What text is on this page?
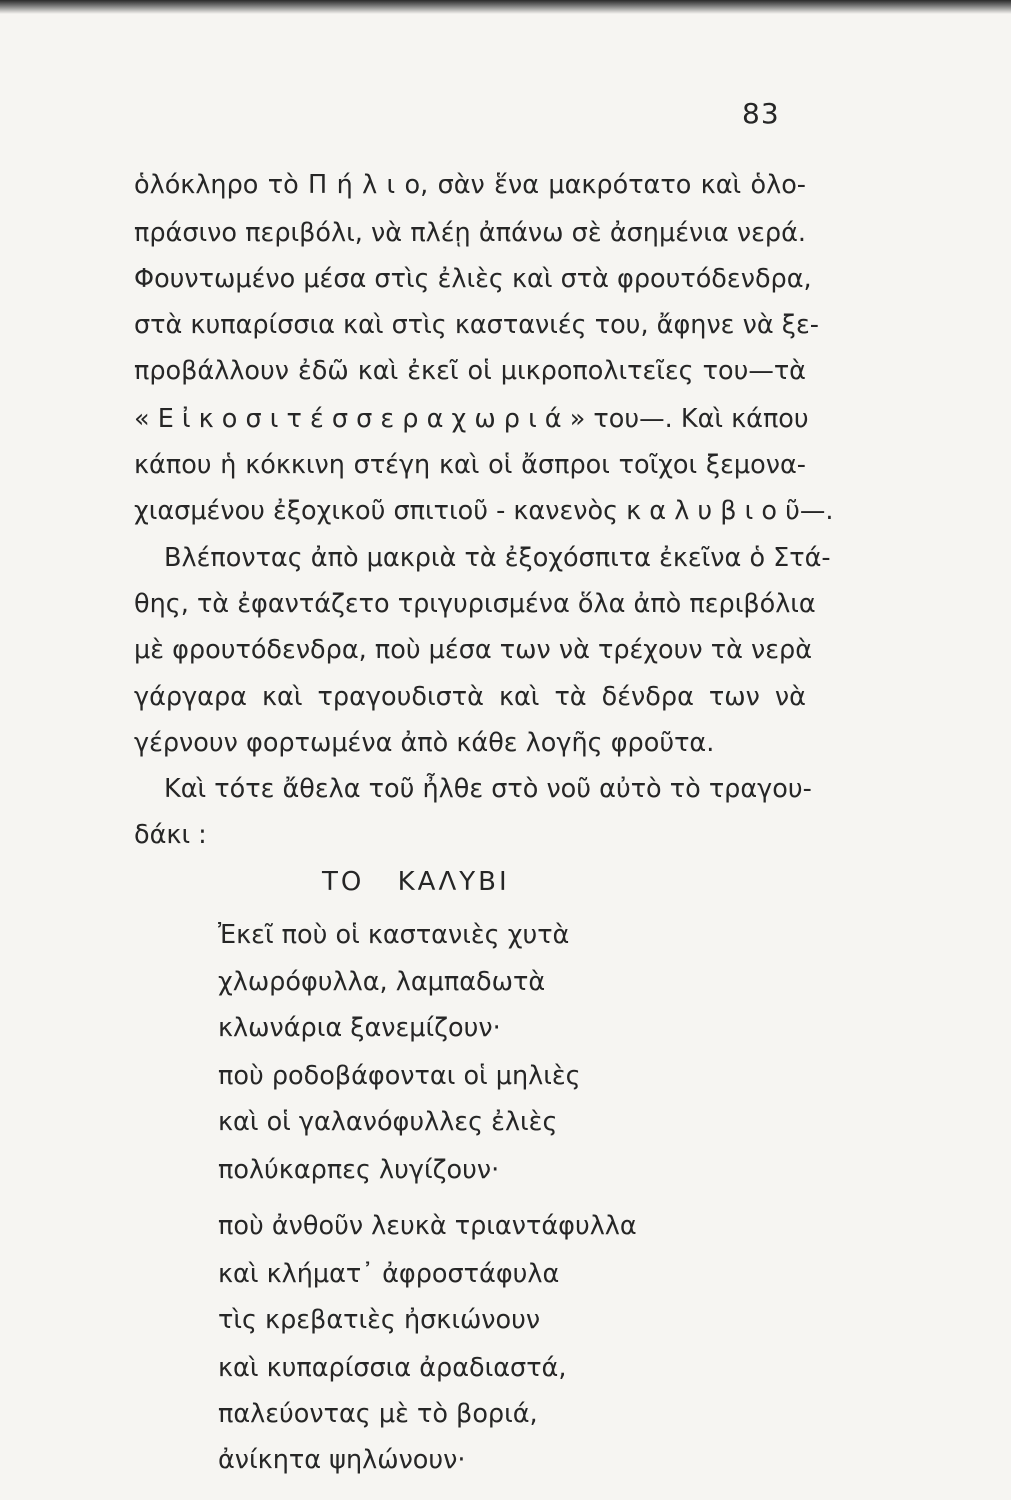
83
ὁλόκληρο τὸ Π ή λ ι ο, σὰν ἕνα μακρότατο καὶ ὁλο-
πράσινο περιβόλι, νὰ πλέῃ ἀπάνω σὲ ἀσημένια νερά.
Φουντωμένο μέσα στὶς ἐλιὲς καὶ στὰ φρουτόδενδρα,
στὰ κυπαρίσσια καὶ στὶς καστανιές του, ἄφηνε νὰ ξε-
προβάλλουν ἐδῶ καὶ ἐκεῖ οἱ μικροπολιτεῖες του—τὰ
« Ε ἰ κ ο σ ι τ έ σ σ ε ρ α χ ω ρ ι ά » του—. Καὶ κάπου
κάπου ἡ κόκκινη στέγη καὶ οἱ ἄσπροι τοῖχοι ξεμονα-
χιασμένου ἐξοχικοῦ σπιτιοῦ - κανενὸς κ α λ υ β ι ο ῦ—.
Βλέποντας ἀπὸ μακριὰ τὰ ἐξοχόσπιτα ἐκεῖνα ὁ Στά-
θης, τὰ ἐφαντάζετο τριγυρισμένα ὅλα ἀπὸ περιβόλια
μὲ φρουτόδενδρα, ποὺ μέσα των νὰ τρέχουν τὰ νερὰ
γάργαρα καὶ τραγουδιστὰ καὶ τὰ δένδρα των νὰ
γέρνουν φορτωμένα ἀπὸ κάθε λογῆς φροῦτα.
Καὶ τότε ἄθελα τοῦ ἦλθε στὸ νοῦ αὐτὸ τὸ τραγου-
δάκι :
ΤΟ ΚΑΛΥΒΙ
Ἐκεῖ ποὺ οἱ καστανιὲς χυτὰ
χλωρόφυλλα, λαμπαδωτὰ
κλωνάρια ξανεμίζουν·
ποὺ ροδοβάφονται οἱ μηλιὲς
καὶ οἱ γαλανόφυλλες ἐλιὲς
πολύκαρπες λυγίζουν·
ποὺ ἀνθοῦν λευκὰ τριαντάφυλλα
καὶ κλήματ᾿ ἀφροστάφυλα
τὶς κρεβατιὲς ἠσκιώνουν
καὶ κυπαρίσσια ἀραδιαστά,
παλεύοντας μὲ τὸ βοριά,
ἀνίκητα ψηλώνουν·
